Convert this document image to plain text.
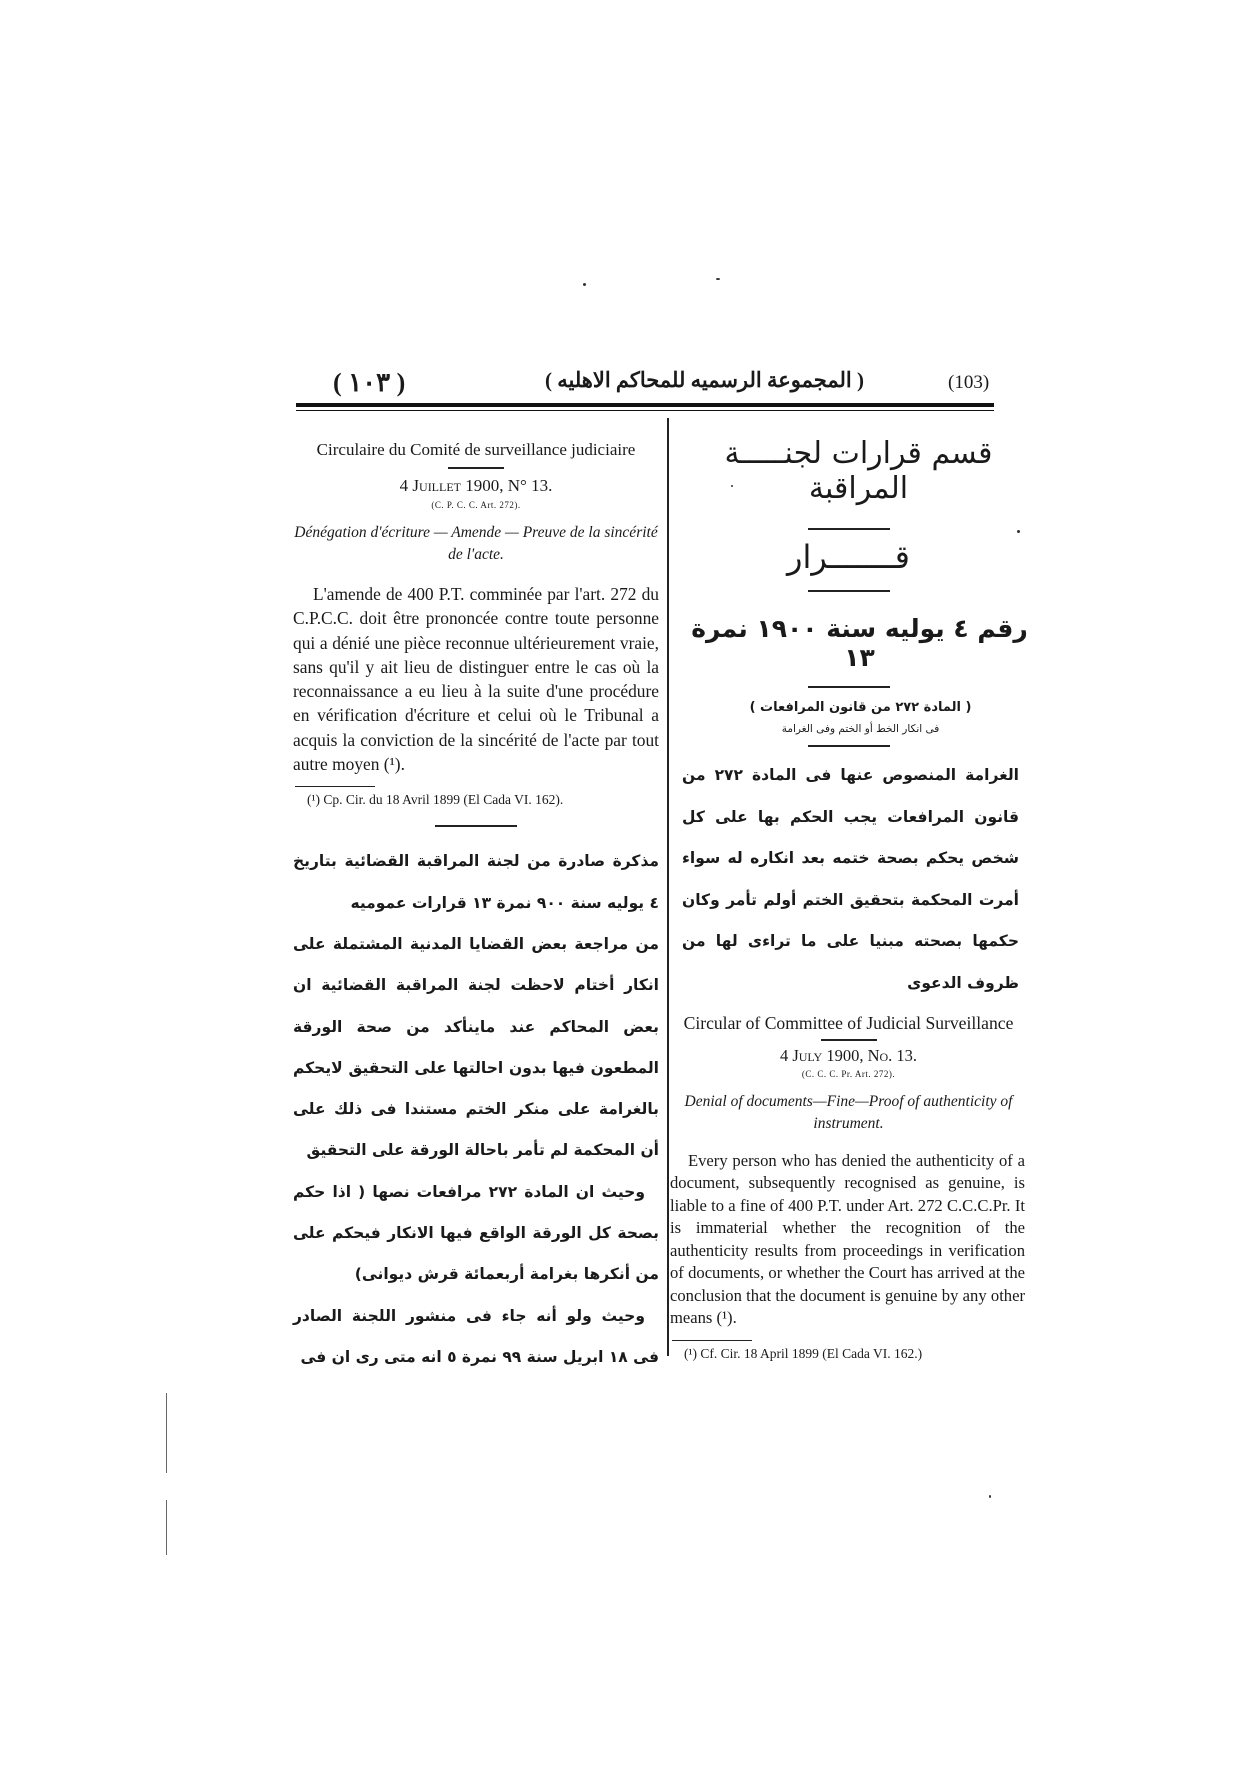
( ١٠٣ )	( المجموعة الرسميه للمحاكم الاهليه )	(103)
Circulaire du Comité de surveillance judiciaire
4 Juillet 1900, N° 13.
(C. P. C. C. Art. 272).
Dénégation d'écriture — Amende — Preuve de la sincérité de l'acte.
L'amende de 400 P.T. comminée par l'art. 272 du C.P.C.C. doit être prononcée contre toute personne qui a dénié une pièce reconnue ultérieurement vraie, sans qu'il y ait lieu de distinguer entre le cas où la reconnaissance a eu lieu à la suite d'une procédure en vérification d'écriture et celui où le Tribunal a acquis la conviction de la sincérité de l'acte par tout autre moyen (¹).
(¹) Cp. Cir. du 18 Avril 1899 (El Cada VI. 162).
مذكرة صادرة من لجنة المراقبة القضائية بتاريخ ٤ يوليه سنة ٩٠٠ نمرة ١٣ قرارات عموميه
من مراجعة بعض القضايا المدنية المشتملة على انكار أختام لاحظت لجنة المراقبة القضائية ان بعض المحاكم عند ماينأكد من صحة الورقة المطعون فيها بدون احالتها على التحقيق لايحكم بالغرامة على منكر الختم مستندا فى ذلك على أن المحكمة لم تأمر باحالة الورقة على التحقيق
وحيث ان المادة ٢٧٢ مرافعات نصها ( اذا حكم بصحة كل الورقة الواقع فيها الانكار فيحكم على من أنكرها بغرامة أربعمائة قرش ديوانى)
وحيث ولو أنه جاء فى منشور اللجنة الصادر فى ١٨ ابريل سنة ٩٩ نمرة ٥ انه متى رى ان فى
قسم قرارات لجنـــــة المراقبة
قـــــــرار
رقم ٤ يوليه سنة ١٩٠٠ نمرة ١٣
( المادة ٢٧٢ من قانون المرافعات )
فى انكار الخط أو الختم وفى الغرامة
الغرامة المنصوص عنها فى المادة ٢٧٢ من قانون المرافعات يجب الحكم بها على كل شخص يحكم بصحة ختمه بعد انكاره له سواء أمرت المحكمة بتحقيق الختم أولم تأمر وكان حكمها بصحته مبنيا على ما تراءى لها من ظروف الدعوى
Circular of Committee of Judicial Surveillance
4 July 1900, No. 13.
(C. C. C. Pr. Art. 272).
Denial of documents—Fine—Proof of authenticity of instrument.
Every person who has denied the authenticity of a document, subsequently recognised as genuine, is liable to a fine of 400 P.T. under Art. 272 C.C.C.Pr. It is immaterial whether the recognition of the authenticity results from proceedings in verification of documents, or whether the Court has arrived at the conclusion that the document is genuine by any other means (¹).
(¹) Cf. Cir. 18 April 1899 (El Cada VI. 162.)
